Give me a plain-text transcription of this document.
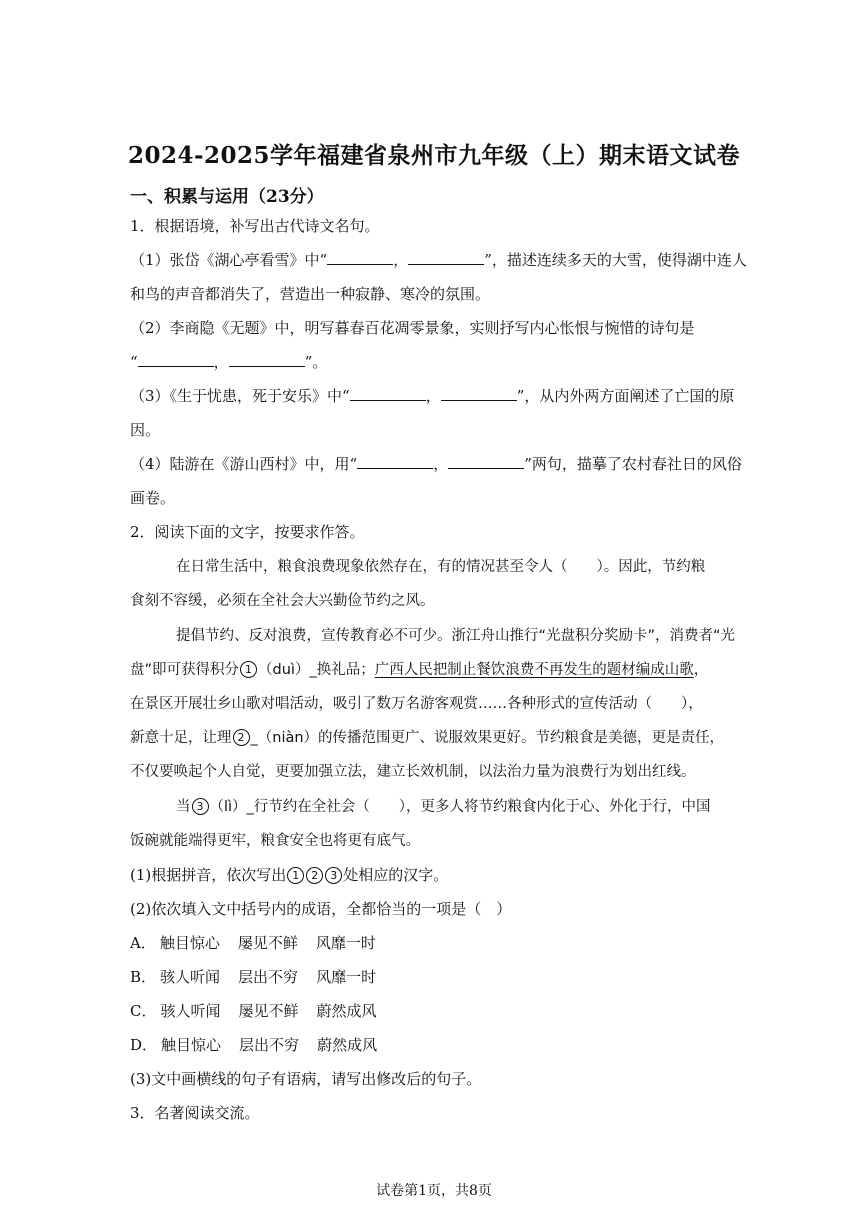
2024-2025学年福建省泉州市九年级（上）期末语文试卷
一、积累与运用（23分）
1．根据语境，补写出古代诗文名句。
（1）张岱《湖心亭看雪》中“	，	”，描述连续多天的大雪，使得湖中连人
和鸟的声音都消失了，营造出一种寂静、寒冷的氛围。
（2）李商隐《无题》中，明写暮春百花凋零景象，实则抒写内心怅恨与惋惜的诗句是
“	，	”。
（3）《生于忧患，死于安乐》中“	，	”，从内外两方面阐述了亡国的原
因。
（4）陆游在《游山西村》中，用“	，	”两句，描摹了农村春社日的风俗
画卷。
2．阅读下面的文字，按要求作答。
在日常生活中，粮食浪费现象依然存在，有的情况甚至令人（　　）。因此，节约粮
食刻不容缓，必须在全社会大兴勤俭节约之风。
提倡节约、反对浪费，宣传教育必不可少。浙江舟山推行“光盘积分奖励卡”，消费者“光
盘”即可获得积分 1 （duì）_换礼品；广西人民把制止餐饮浪费不再发生的题材编成山歌，
在景区开展壮乡山歌对唱活动，吸引了数万名游客观赏……各种形式的宣传活动（　　），
新意十足，让理 2 _（niàn）的传播范围更广、说服效果更好。节约粮食是美德，更是责任，
不仅要唤起个人自觉，更要加强立法，建立长效机制，以法治力量为浪费行为划出红线。
当 3 （lì）_行节约在全社会（　　），更多人将节约粮食内化于心、外化于行，中国
饭碗就能端得更牢，粮食安全也将更有底气。
(1)根据拼音，依次写出 1 2 3 处相应的汉字。
(2)依次填入文中括号内的成语，全都恰当的一项是（　）
A． 触目惊心 屡见不鲜 风靡一时
B． 骇人听闻 层出不穷 风靡一时
C． 骇人听闻 屡见不鲜 蔚然成风
D． 触目惊心 层出不穷 蔚然成风
(3)文中画横线的句子有语病，请写出修改后的句子。
3．名著阅读交流。
试卷第1页，共8页
